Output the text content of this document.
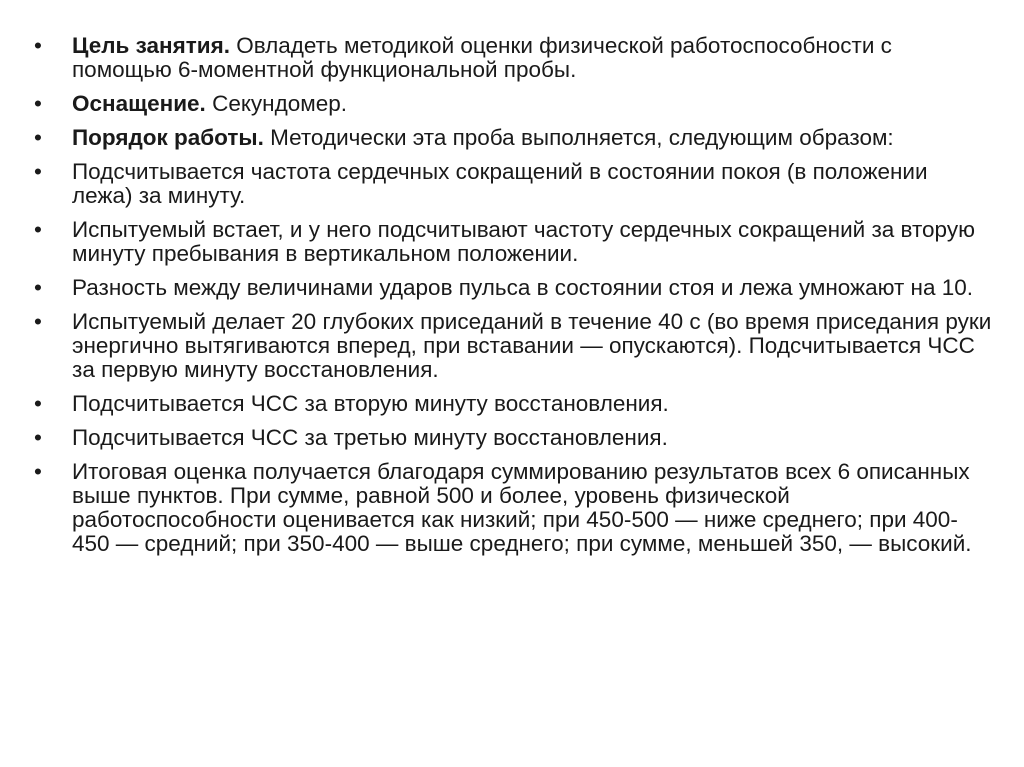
•	Цель занятия. Овладеть методикой оценки физической работоспособности с помощью 6-моментной функциональной пробы.
•	Оснащение. Секундомер.
•	Порядок работы. Методически эта проба выполняется, следующим образом:
•	Подсчитывается частота сердечных сокращений в состоянии покоя (в положении лежа) за минуту.
•	Испытуемый встает, и у него подсчитывают частоту сердечных сокращений за вторую минуту пребывания в вертикальном положении.
•	Разность между величинами ударов пульса в состоянии стоя и лежа умножают на 10.
•	Испытуемый делает 20 глубоких приседаний в течение 40 с (во время приседания руки энергично вытягиваются вперед, при вставании — опускаются). Подсчитывается ЧСС за первую минуту восстановления.
•	Подсчитывается ЧСС за вторую минуту восстановления.
•	Подсчитывается ЧСС за третью минуту восстановления.
•	Итоговая оценка получается благодаря суммированию результатов всех 6 описанных выше пунктов. При сумме, равной 500 и более, уровень физической работоспособности оценивается как низкий; при 450-500 — ниже среднего; при 400-450 — средний; при 350-400 — выше среднего; при сумме, меньшей 350, — высокий.
